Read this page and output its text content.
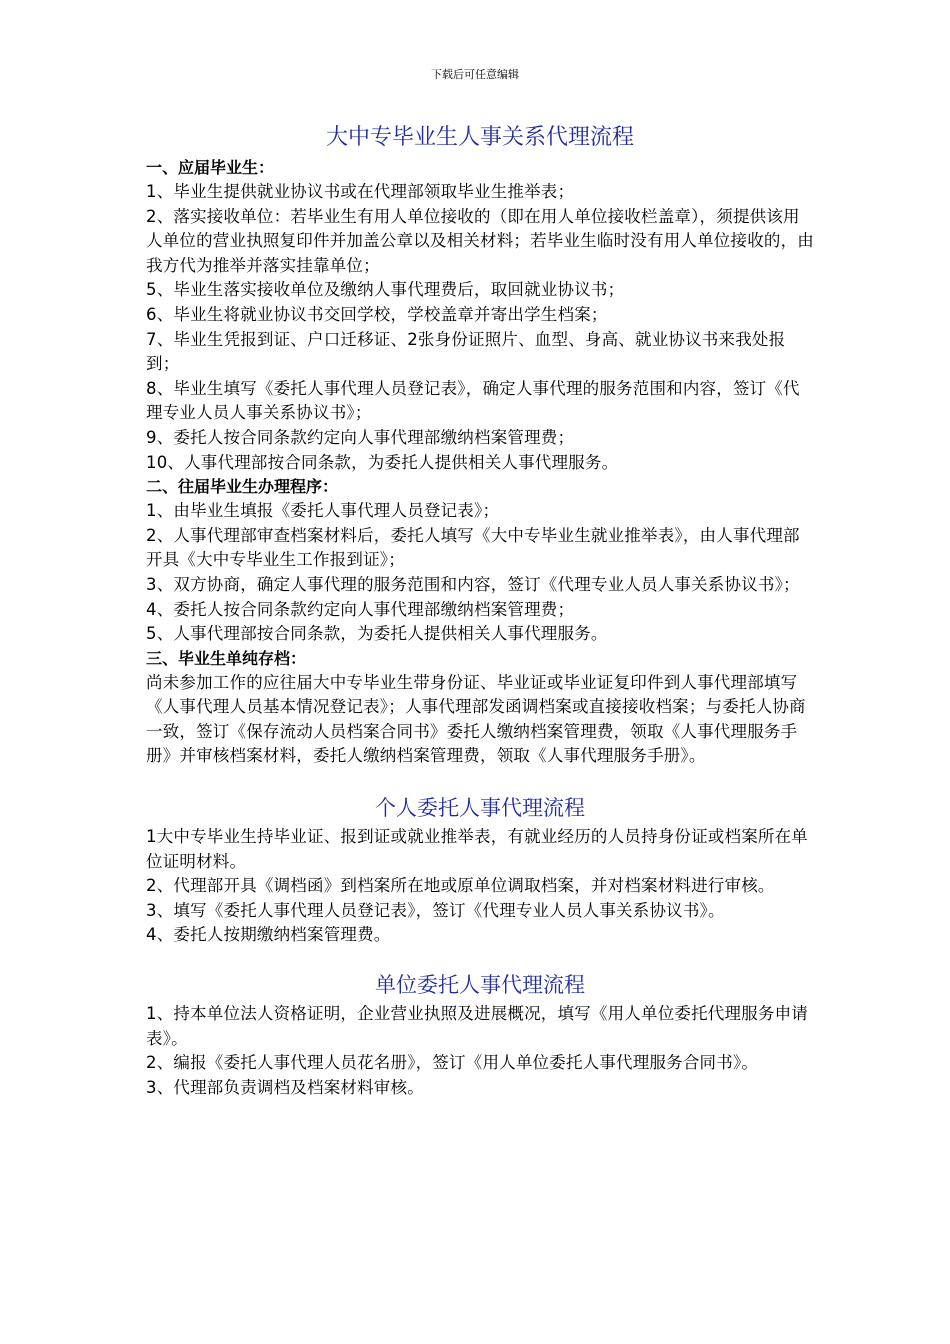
下载后可任意编辑
大中专毕业生人事关系代理流程

一、应届毕业生：

1、毕业生提供就业协议书或在代理部领取毕业生推举表；

2、落实接收单位：若毕业生有用人单位接收的（即在用人单位接收栏盖章），须提供该用人单位的营业执照复印件并加盖公章以及相关材料；若毕业生临时没有用人单位接收的，由我方代为推举并落实挂靠单位；

5、毕业生落实接收单位及缴纳人事代理费后，取回就业协议书；

6、毕业生将就业协议书交回学校，学校盖章并寄出学生档案；

7、毕业生凭报到证、户口迁移证、2张身份证照片、血型、身高、就业协议书来我处报到；

8、毕业生填写《委托人事代理人员登记表》，确定人事代理的服务范围和内容，签订《代理专业人员人事关系协议书》；

9、委托人按合同条款约定向人事代理部缴纳档案管理费；

10、人事代理部按合同条款，为委托人提供相关人事代理服务。

二、往届毕业生办理程序：

1、由毕业生填报《委托人事代理人员登记表》；

2、人事代理部审查档案材料后，委托人填写《大中专毕业生就业推举表》，由人事代理部开具《大中专毕业生工作报到证》；

3、双方协商，确定人事代理的服务范围和内容，签订《代理专业人员人事关系协议书》；

4、委托人按合同条款约定向人事代理部缴纳档案管理费；

5、人事代理部按合同条款，为委托人提供相关人事代理服务。

三、毕业生单纯存档：

尚未参加工作的应往届大中专毕业生带身份证、毕业证或毕业证复印件到人事代理部填写《人事代理人员基本情况登记表》；人事代理部发函调档案或直接接收档案；与委托人协商一致，签订《保存流动人员档案合同书》委托人缴纳档案管理费，领取《人事代理服务手册》并审核档案材料，委托人缴纳档案管理费，领取《人事代理服务手册》。

个人委托人事代理流程

1大中专毕业生持毕业证、报到证或就业推举表，有就业经历的人员持身份证或档案所在单位证明材料。

2、代理部开具《调档函》到档案所在地或原单位调取档案，并对档案材料进行审核。

3、填写《委托人事代理人员登记表》，签订《代理专业人员人事关系协议书》。

4、委托人按期缴纳档案管理费。

单位委托人事代理流程

1、持本单位法人资格证明，企业营业执照及进展概况，填写《用人单位委托代理服务申请表》。

2、编报《委托人事代理人员花名册》，签订《用人单位委托人事代理服务合同书》。

3、代理部负责调档及档案材料审核。
